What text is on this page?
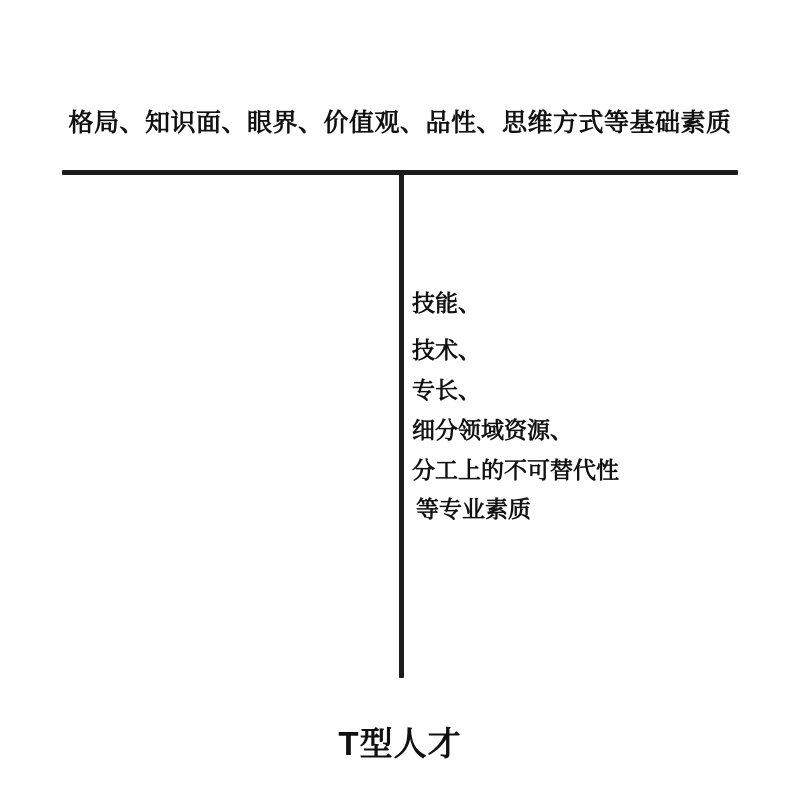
格局、知识面、眼界、价值观、品性、思维方式等基础素质
技能、
技术、
专长、
细分领域资源、
分工上的不可替代性
等专业素质
T型人才
